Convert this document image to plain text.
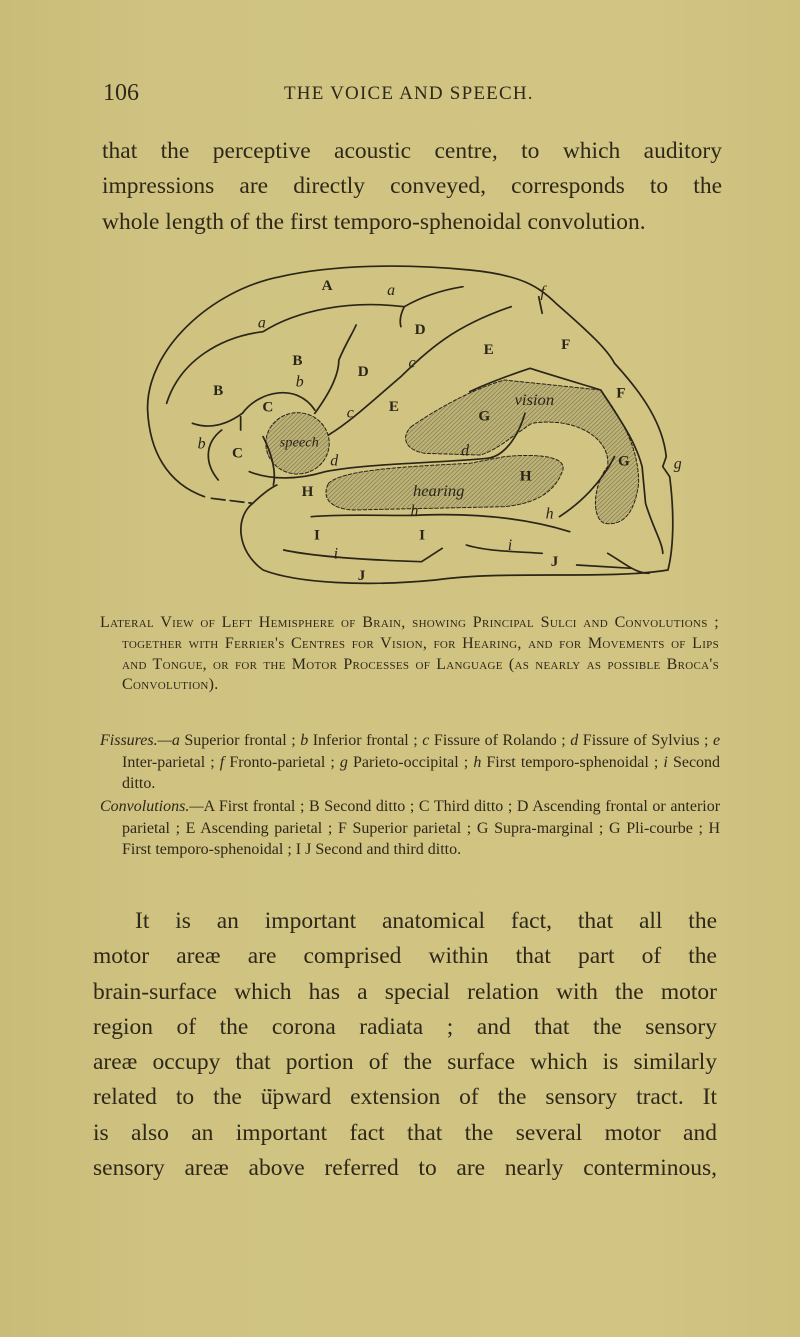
106	THE VOICE AND SPEECH.
that the perceptive acoustic centre, to which auditory
impressions are directly conveyed, corresponds to the
whole length of the first temporo-sphenoidal convolution.
A a
a
f
D
E F
B
b
D
c
B	F
C c E vision
G
b
C
speech
d
d
H
G g
H hearing
h	h
I I
i	i
J
J
Lateral View of Left Hemisphere of Brain, showing Principal Sulci and Convolutions ; together with Ferrier's Centres for Vision, for Hearing, and for Movements of Lips and Tongue, or for the Motor Processes of Language (as nearly as possible Broca's Convolution).
Fissures.—a Superior frontal ; b Inferior frontal ; c Fissure of Rolando ; d Fissure of Sylvius ; e Inter-parietal ; f Fronto-parietal ; g Parieto-occipital ; h First temporo-sphenoidal ; i Second ditto.
Convolutions.—A First frontal ; B Second ditto ; C Third ditto ; D Ascending frontal or anterior parietal ; E Ascending parietal ; F Superior parietal ; G Supra-marginal ; G Pli-courbe ; H First temporo-sphenoidal ; I J Second and third ditto.
It is an important anatomical fact, that all the
motor areæ are comprised within that part of the
brain-surface which has a special relation with the motor
region of the corona radiata ; and that the sensory
areæ occupy that portion of the surface which is similarly
related to the ü̈pward extension of the sensory tract. It
is also an important fact that the several motor and
sensory areæ above referred to are nearly conterminous,
